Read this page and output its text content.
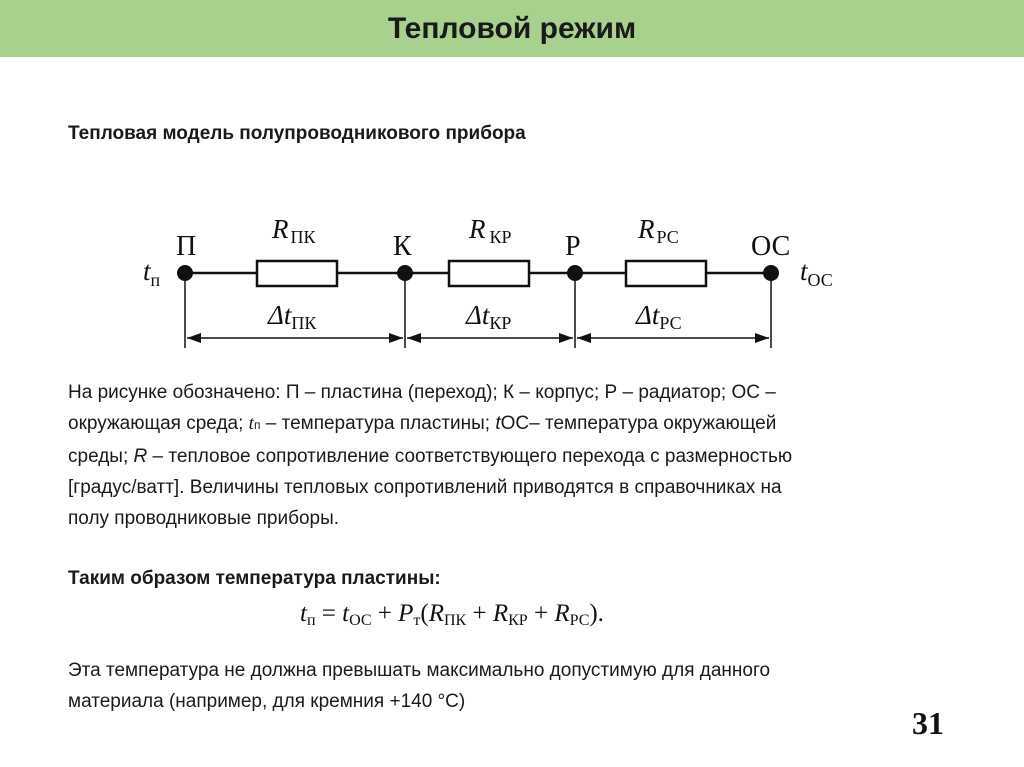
Тепловой режим
Тепловая модель полупроводникового прибора
П	К	Р	ОС
$t_п$	$t_{ОС}$
RПК	RКР	RРС
ΔtПК	ΔtКР	ΔtРС
На рисунке обозначено: П – пластина (переход); К – корпус; Р – радиатор; ОС –
окружающая среда; tп – температура пластины; tОС– температура окружающей
среды; R – тепловое сопротивление соответствующего перехода с размерностью
[градус/ватт]. Величины тепловых сопротивлений приводятся в справочниках на
полу проводниковые приборы.
Таким образом температура пластины:
$t_п = t_{ОС} + P_т(R_{ПК} + R_{КР} + R_{РС})$.
Эта температура не должна превышать максимально допустимую для данного
материала (например, для кремния +140 °С)
31
